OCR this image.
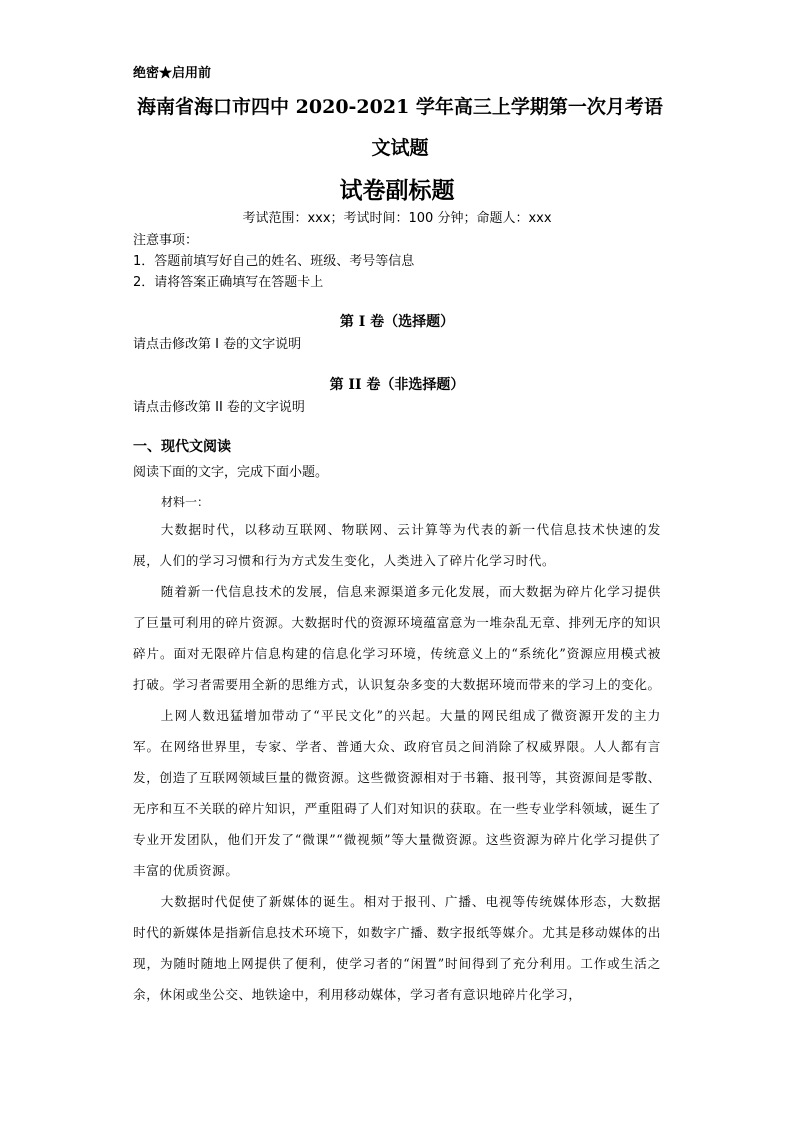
绝密★启用前
海南省海口市四中 2020-2021 学年高三上学期第一次月考语
文试题
试卷副标题
考试范围：xxx；考试时间：100 分钟；命题人：xxx
注意事项：
1．答题前填写好自己的姓名、班级、考号等信息
2．请将答案正确填写在答题卡上
第 I 卷（选择题）
请点击修改第 I 卷的文字说明
第 II 卷（非选择题）
请点击修改第 II 卷的文字说明
一、现代文阅读
阅读下面的文字，完成下面小题。
材料一：

大数据时代，以移动互联网、物联网、云计算等为代表的新一代信息技术快速的发展，人们的学习习惯和行为方式发生变化，人类进入了碎片化学习时代。

随着新一代信息技术的发展，信息来源渠道多元化发展，而大数据为碎片化学习提供了巨量可利用的碎片资源。大数据时代的资源环境蕴富意为一堆杂乱无章、排列无序的知识碎片。面对无限碎片信息构建的信息化学习环境，传统意义上的“系统化”资源应用模式被打破。学习者需要用全新的思维方式，认识复杂多变的大数据环境而带来的学习上的变化。

上网人数迅猛增加带动了“平民文化”的兴起。大量的网民组成了微资源开发的主力军。在网络世界里，专家、学者、普通大众、政府官员之间消除了权威界限。人人都有言发，创造了互联网领域巨量的微资源。这些微资源相对于书籍、报刊等，其资源间是零散、无序和互不关联的碎片知识，严重阻碍了人们对知识的获取。在一些专业学科领域，诞生了专业开发团队，他们开发了“微课”“微视频”等大量微资源。这些资源为碎片化学习提供了丰富的优质资源。

大数据时代促使了新媒体的诞生。相对于报刊、广播、电视等传统媒体形态，大数据时代的新媒体是指新信息技术环境下，如数字广播、数字报纸等媒介。尤其是移动媒体的出现，为随时随地上网提供了便利，使学习者的“闲置”时间得到了充分利用。工作或生活之余，休闲或坐公交、地铁途中，利用移动媒体，学习者有意识地碎片化学习，
